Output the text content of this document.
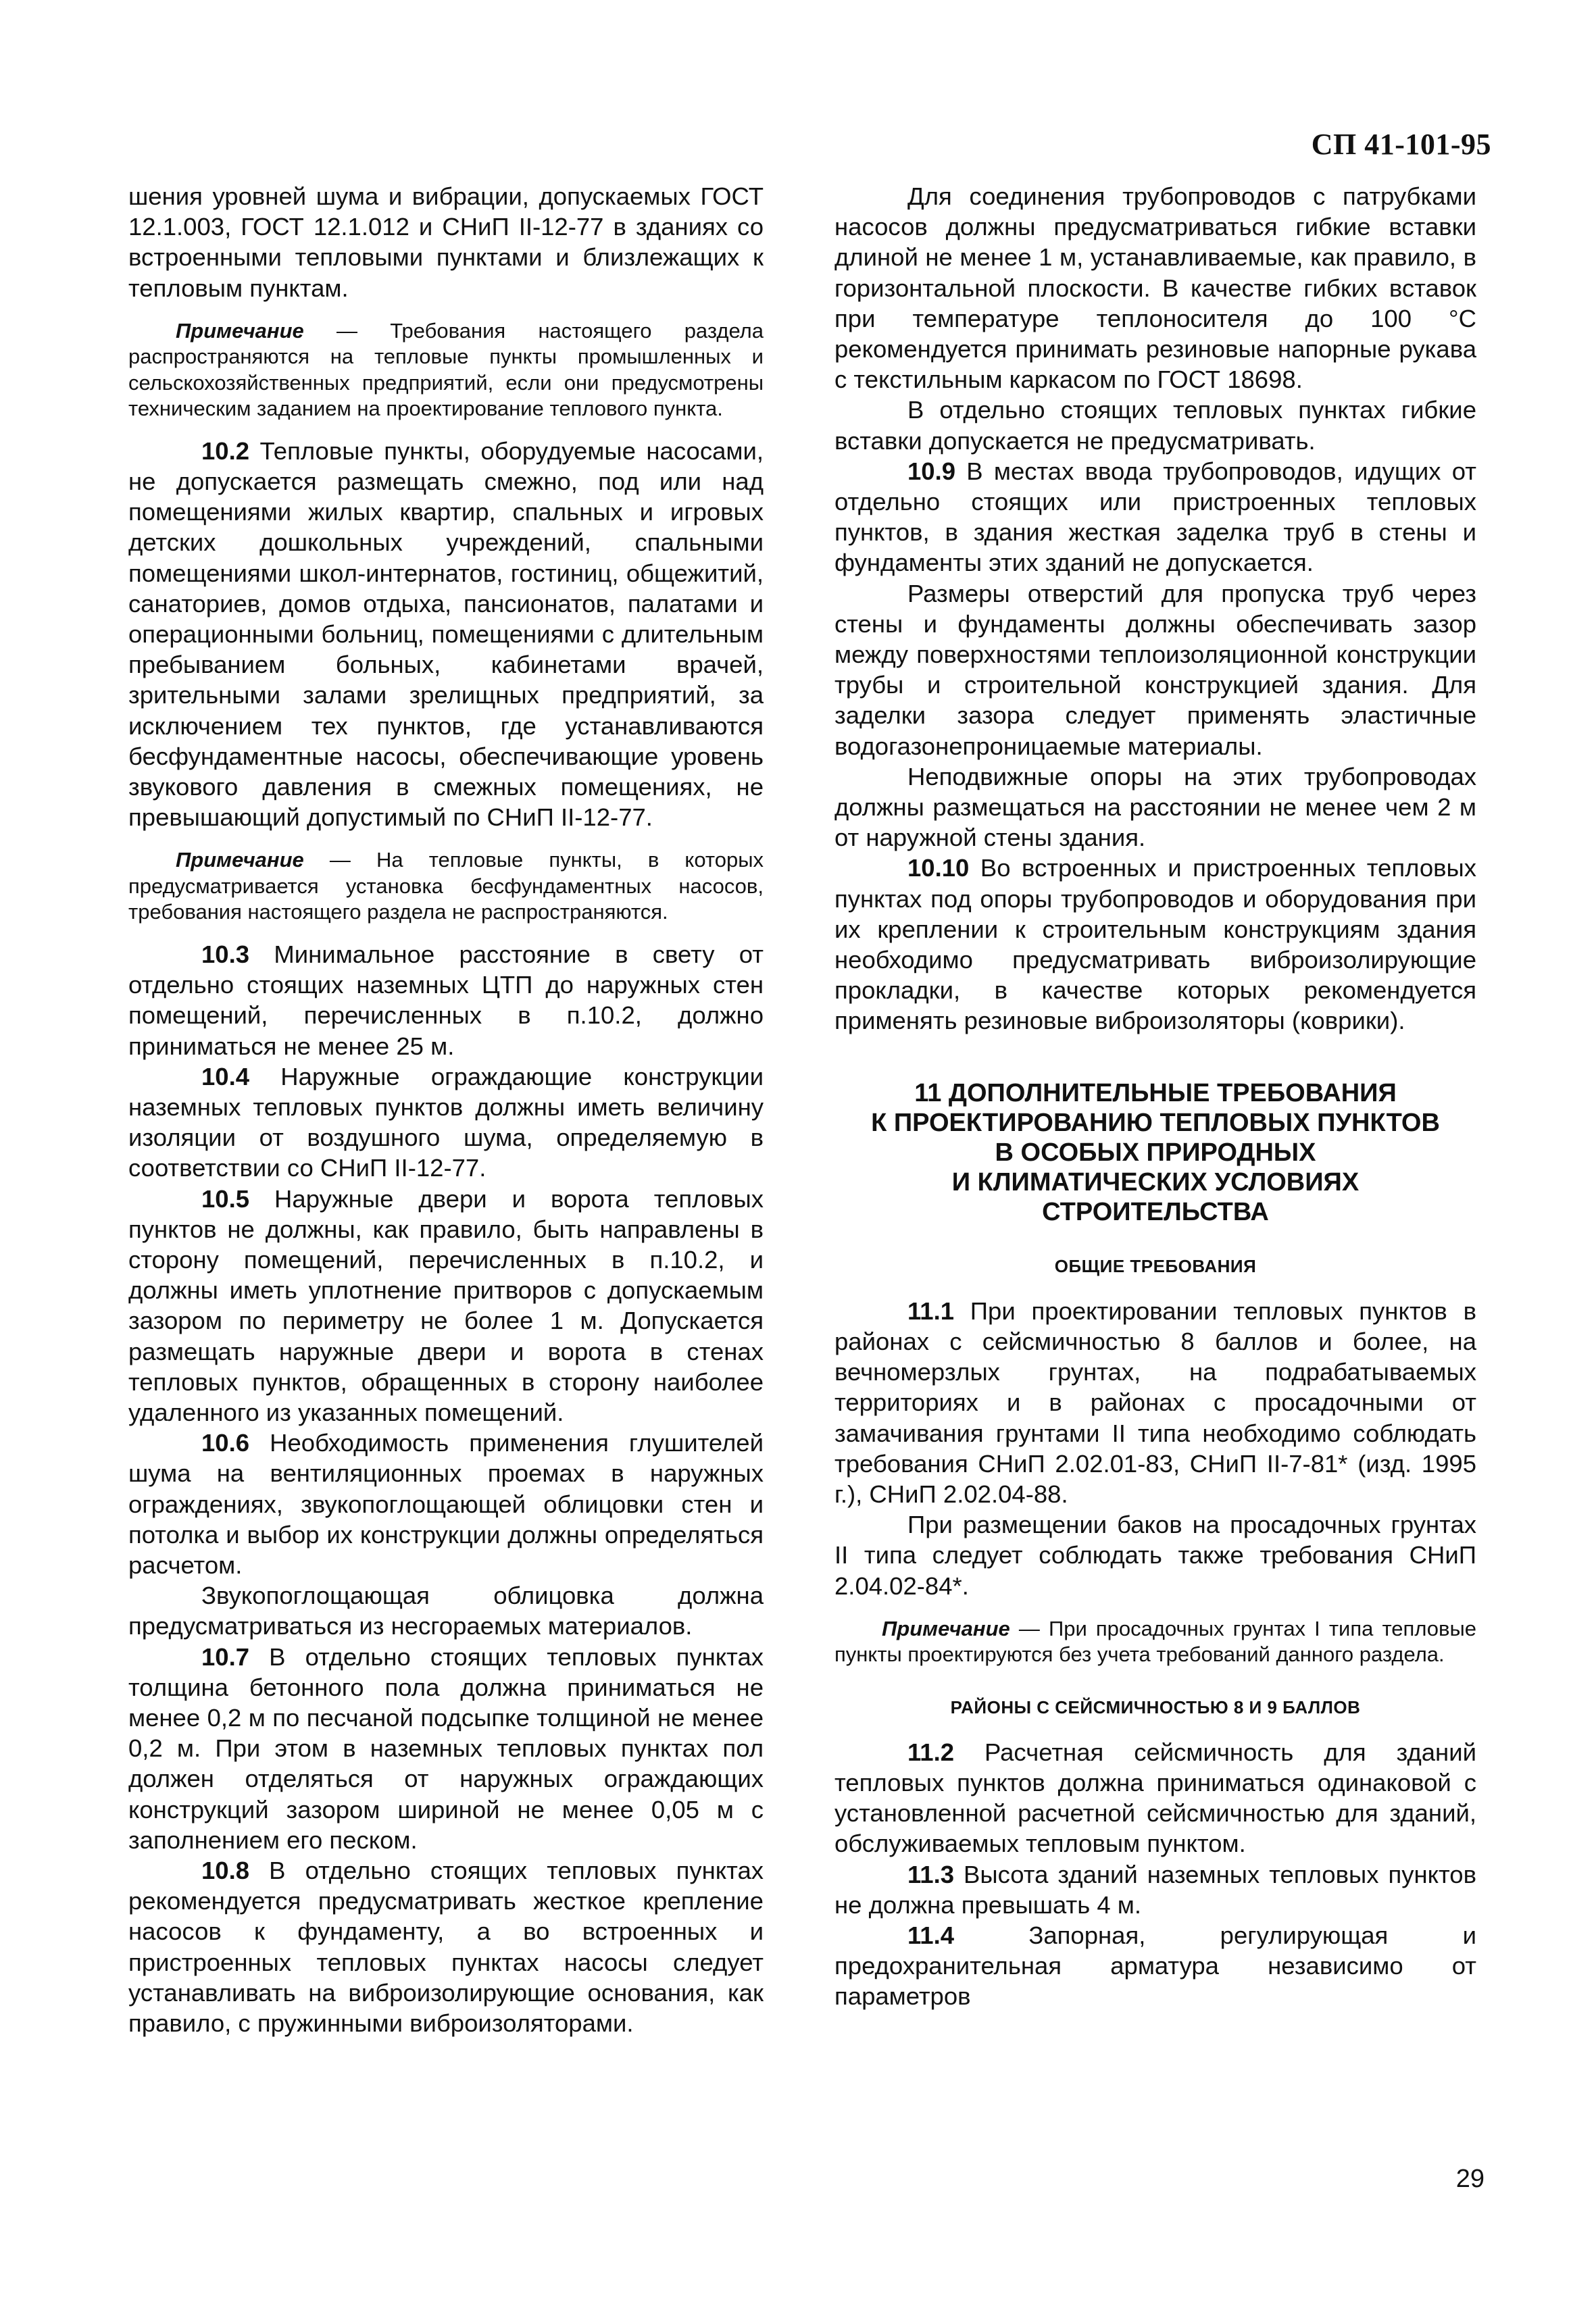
СП 41-101-95

шения уровней шума и вибрации, допускаемых ГОСТ 12.1.003, ГОСТ 12.1.012 и СНиП II-12-77 в зданиях со встроенными тепловыми пунктами и близлежащих к тепловым пунктам.

Примечание — Требования настоящего раздела распространяются на тепловые пункты промышленных и сельскохозяйственных предприятий, если они предусмотрены техническим заданием на проектирование теплового пункта.

10.2 Тепловые пункты, оборудуемые насосами, не допускается размещать смежно, под или над помещениями жилых квартир, спальных и игровых детских дошкольных учреждений, спальными помещениями школ-интернатов, гостиниц, общежитий, санаториев, домов отдыха, пансионатов, палатами и операционными больниц, помещениями с длительным пребыванием больных, кабинетами врачей, зрительными залами зрелищных предприятий, за исключением тех пунктов, где устанавливаются бесфундаментные насосы, обеспечивающие уровень звукового давления в смежных помещениях, не превышающий допустимый по СНиП II-12-77.

Примечание — На тепловые пункты, в которых предусматривается установка бесфундаментных насосов, требования настоящего раздела не распространяются.

10.3 Минимальное расстояние в свету от отдельно стоящих наземных ЦТП до наружных стен помещений, перечисленных в п.10.2, должно приниматься не менее 25 м.

10.4 Наружные ограждающие конструкции наземных тепловых пунктов должны иметь величину изоляции от воздушного шума, определяемую в соответствии со СНиП II-12-77.

10.5 Наружные двери и ворота тепловых пунктов не должны, как правило, быть направлены в сторону помещений, перечисленных в п.10.2, и должны иметь уплотнение притворов с допускаемым зазором по периметру не более 1 м. Допускается размещать наружные двери и ворота в стенах тепловых пунктов, обращенных в сторону наиболее удаленного из указанных помещений.

10.6 Необходимость применения глушителей шума на вентиляционных проемах в наружных ограждениях, звукопоглощающей облицовки стен и потолка и выбор их конструкции должны определяться расчетом.

Звукопоглощающая облицовка должна предусматриваться из несгораемых материалов.

10.7 В отдельно стоящих тепловых пунктах толщина бетонного пола должна приниматься не менее 0,2 м по песчаной подсыпке толщиной не менее 0,2 м. При этом в наземных тепловых пунктах пол должен отделяться от наружных ограждающих конструкций зазором шириной не менее 0,05 м с заполнением его песком.

10.8 В отдельно стоящих тепловых пунктах рекомендуется предусматривать жесткое крепление насосов к фундаменту, а во встроенных и пристроенных тепловых пунктах насосы следует устанавливать на виброизолирующие основания, как правило, с пружинными виброизоляторами.

Для соединения трубопроводов с патрубками насосов должны предусматриваться гибкие вставки длиной не менее 1 м, устанавливаемые, как правило, в горизонтальной плоскости. В качестве гибких вставок при температуре теплоносителя до 100 °С рекомендуется принимать резиновые напорные рукава с текстильным каркасом по ГОСТ 18698.

В отдельно стоящих тепловых пунктах гибкие вставки допускается не предусматривать.

10.9 В местах ввода трубопроводов, идущих от отдельно стоящих или пристроенных тепловых пунктов, в здания жесткая заделка труб в стены и фундаменты этих зданий не допускается.

Размеры отверстий для пропуска труб через стены и фундаменты должны обеспечивать зазор между поверхностями теплоизоляционной конструкции трубы и строительной конструкцией здания. Для заделки зазора следует применять эластичные водогазонепроницаемые материалы.

Неподвижные опоры на этих трубопроводах должны размещаться на расстоянии не менее чем 2 м от наружной стены здания.

10.10 Во встроенных и пристроенных тепловых пунктах под опоры трубопроводов и оборудования при их креплении к строительным конструкциям здания необходимо предусматривать виброизолирующие прокладки, в качестве которых рекомендуется применять резиновые виброизоляторы (коврики).

11 ДОПОЛНИТЕЛЬНЫЕ ТРЕБОВАНИЯ
К ПРОЕКТИРОВАНИЮ ТЕПЛОВЫХ ПУНКТОВ
В ОСОБЫХ ПРИРОДНЫХ
И КЛИМАТИЧЕСКИХ УСЛОВИЯХ
СТРОИТЕЛЬСТВА

ОБЩИЕ ТРЕБОВАНИЯ

11.1 При проектировании тепловых пунктов в районах с сейсмичностью 8 баллов и более, на вечномерзлых грунтах, на подрабатываемых территориях и в районах с просадочными от замачивания грунтами II типа необходимо соблюдать требования СНиП 2.02.01-83, СНиП II-7-81* (изд. 1995 г.), СНиП 2.02.04-88.

При размещении баков на просадочных грунтах II типа следует соблюдать также требования СНиП 2.04.02-84*.

Примечание — При просадочных грунтах I типа тепловые пункты проектируются без учета требований данного раздела.

РАЙОНЫ С СЕЙСМИЧНОСТЬЮ 8 И 9 БАЛЛОВ

11.2 Расчетная сейсмичность для зданий тепловых пунктов должна приниматься одинаковой с установленной расчетной сейсмичностью для зданий, обслуживаемых тепловым пунктом.

11.3 Высота зданий наземных тепловых пунктов не должна превышать 4 м.

11.4 Запорная, регулирующая и предохранительная арматура независимо от параметров

29
